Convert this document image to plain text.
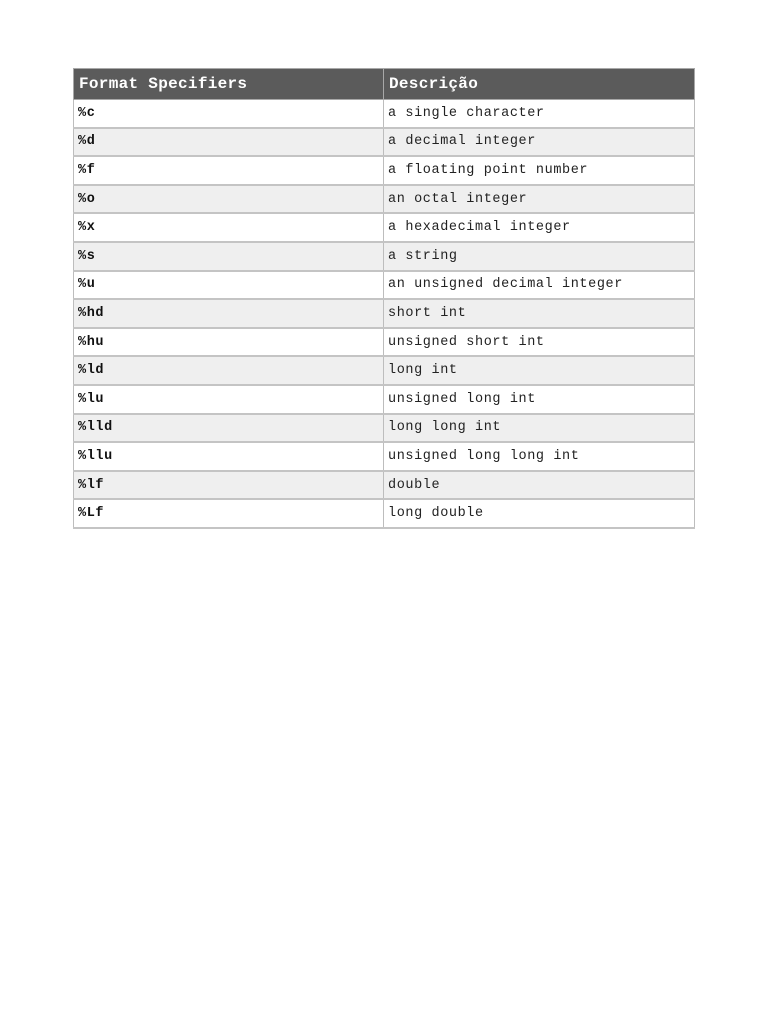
Format Specifiers	Descrição
%c	a single character
%d	a decimal integer
%f	a floating point number
%o	an octal integer
%x	a hexadecimal integer
%s	a string
%u	an unsigned decimal integer
%hd	short int
%hu	unsigned short int
%ld	long int
%lu	unsigned long int
%lld	long long int
%llu	unsigned long long int
%lf	double
%Lf	long double
